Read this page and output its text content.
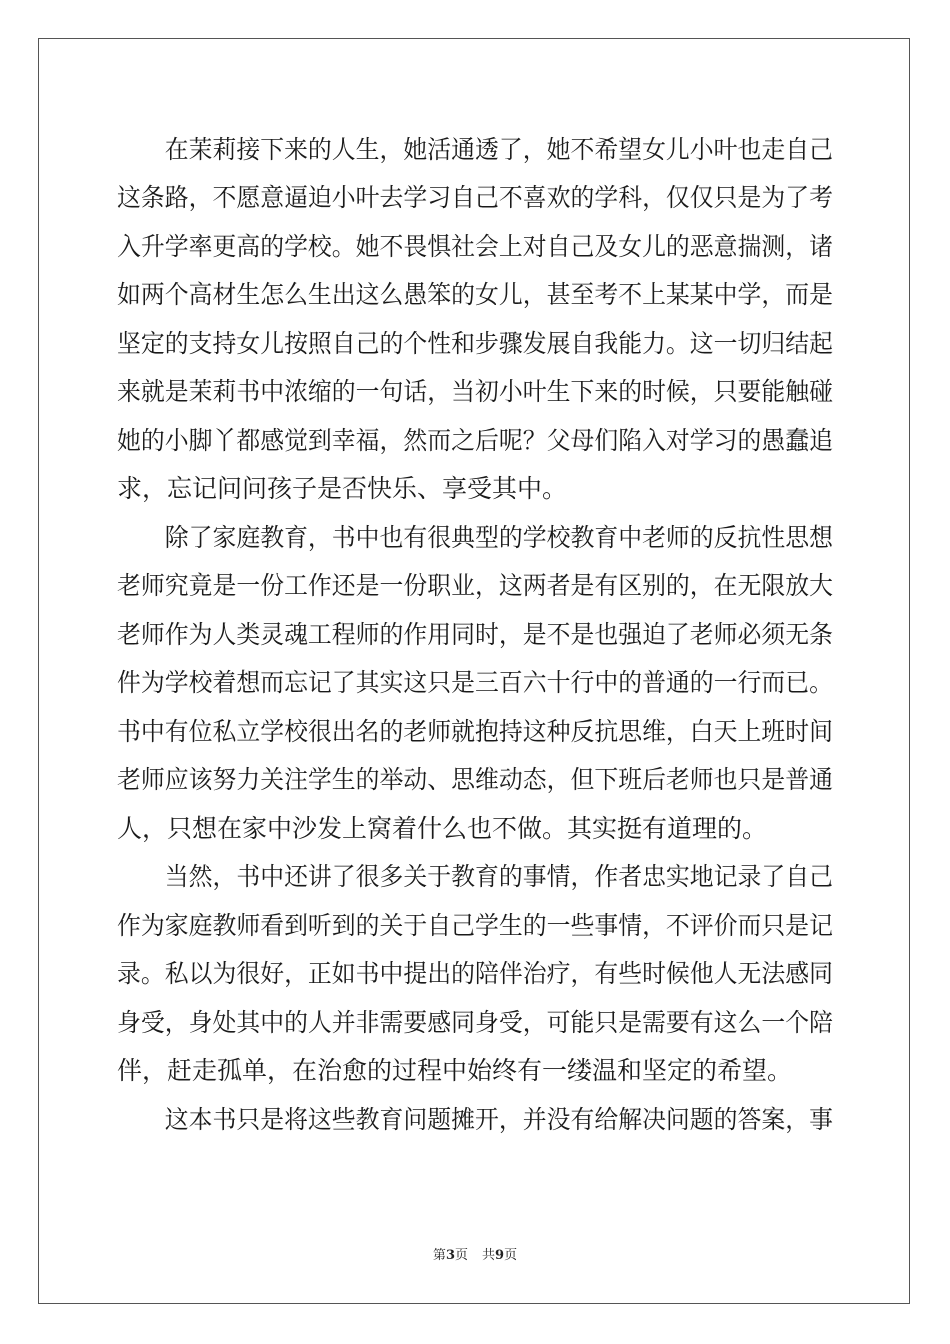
　　在茉莉接下来的人生，她活通透了，她不希望女儿小叶也走自己
这条路，不愿意逼迫小叶去学习自己不喜欢的学科，仅仅只是为了考
入升学率更高的学校。她不畏惧社会上对自己及女儿的恶意揣测，诸
如两个高材生怎么生出这么愚笨的女儿，甚至考不上某某中学，而是
坚定的支持女儿按照自己的个性和步骤发展自我能力。这一切归结起
来就是茉莉书中浓缩的一句话，当初小叶生下来的时候，只要能触碰
她的小脚丫都感觉到幸福，然而之后呢？父母们陷入对学习的愚蠢追
求，忘记问问孩子是否快乐、享受其中。
　　除了家庭教育，书中也有很典型的学校教育中老师的反抗性思想
老师究竟是一份工作还是一份职业，这两者是有区别的，在无限放大
老师作为人类灵魂工程师的作用同时，是不是也强迫了老师必须无条
件为学校着想而忘记了其实这只是三百六十行中的普通的一行而已。
书中有位私立学校很出名的老师就抱持这种反抗思维，白天上班时间
老师应该努力关注学生的举动、思维动态，但下班后老师也只是普通
人，只想在家中沙发上窝着什么也不做。其实挺有道理的。
　　当然，书中还讲了很多关于教育的事情，作者忠实地记录了自己
作为家庭教师看到听到的关于自己学生的一些事情，不评价而只是记
录。私以为很好，正如书中提出的陪伴治疗，有些时候他人无法感同
身受，身处其中的人并非需要感同身受，可能只是需要有这么一个陪
伴，赶走孤单，在治愈的过程中始终有一缕温和坚定的希望。
　　这本书只是将这些教育问题摊开，并没有给解决问题的答案，事
第3页 共9页
